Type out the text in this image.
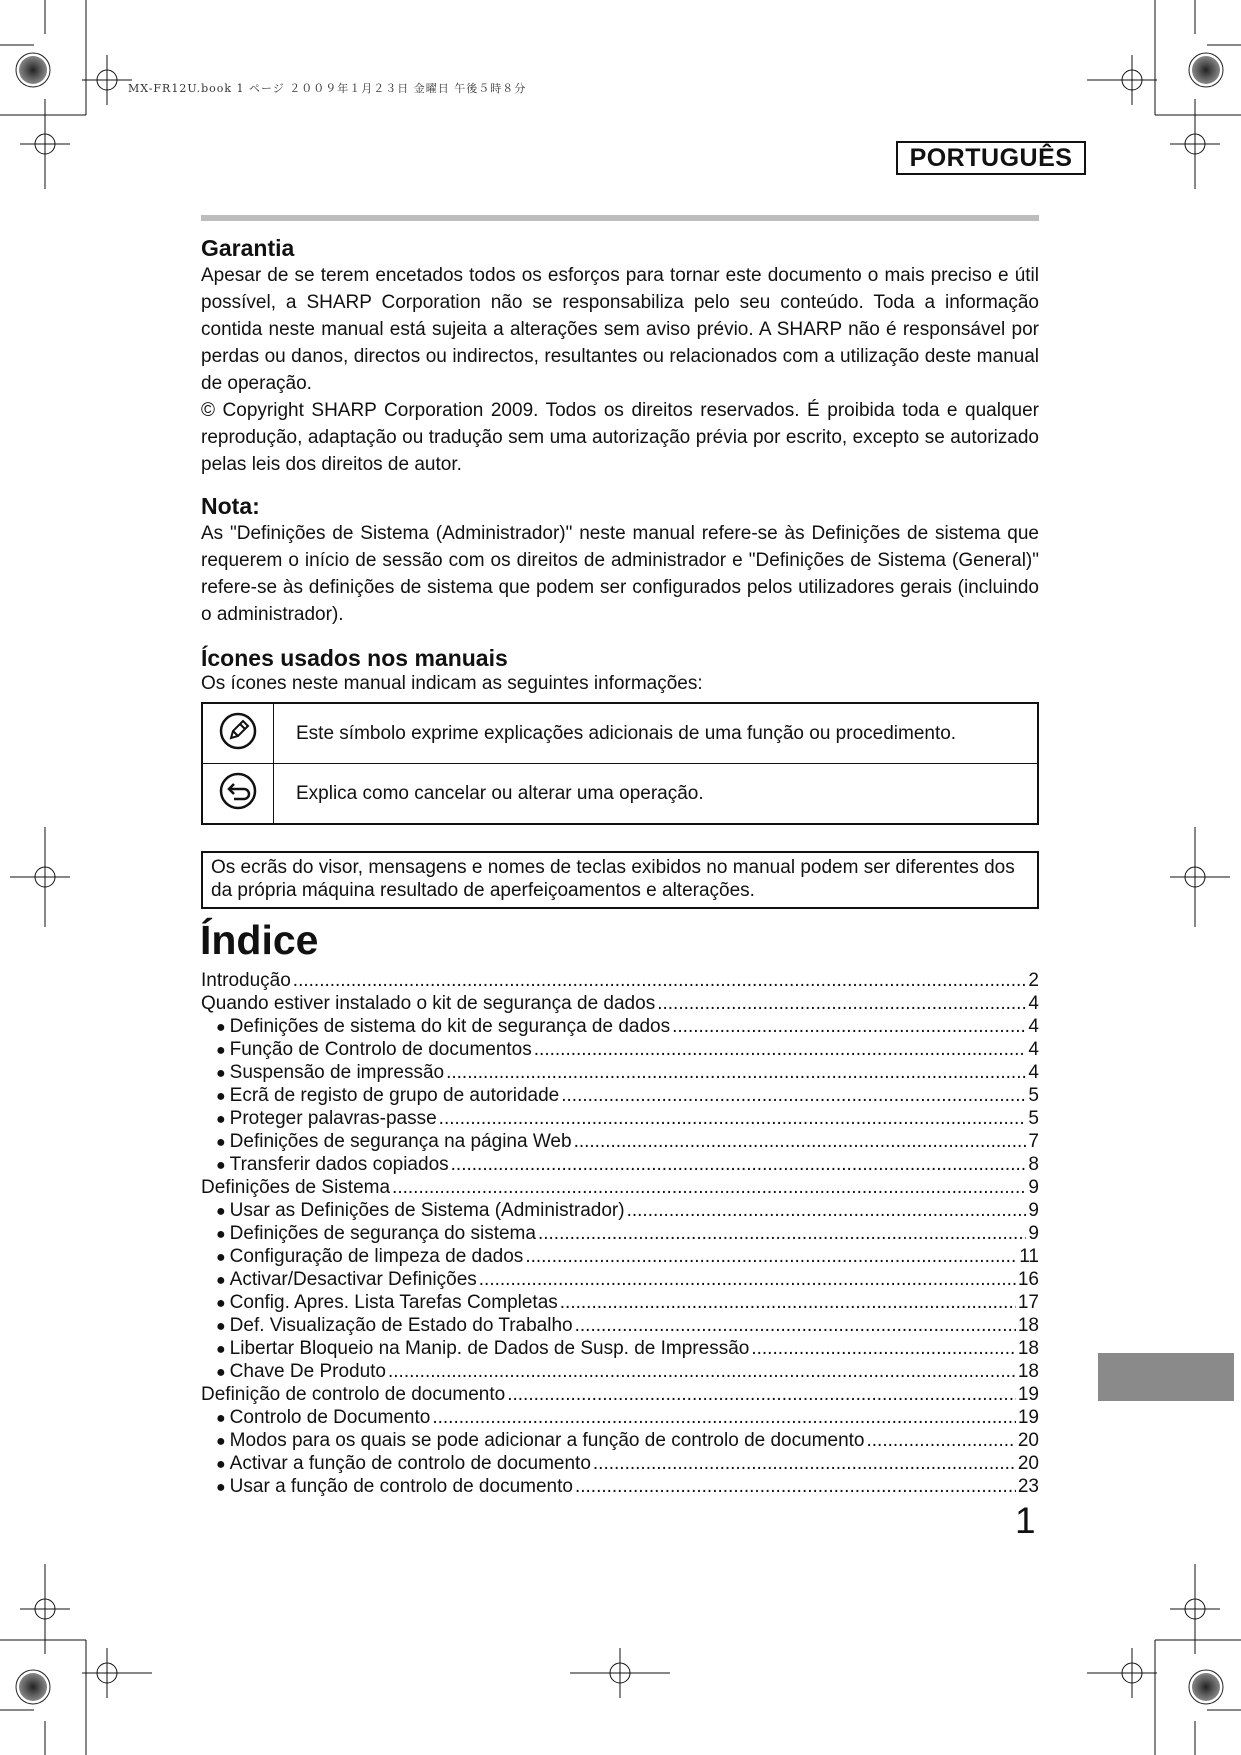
MX-FR12U.book 1 ページ ２００９年１月２３日 金曜日 午後５時８分
PORTUGUÊS
Garantia

Apesar de se terem encetados todos os esforços para tornar este documento o mais preciso e útil possível, a SHARP Corporation não se responsabiliza pelo seu conteúdo. Toda a informação contida neste manual está sujeita a alterações sem aviso prévio. A SHARP não é responsável por perdas ou danos, directos ou indirectos, resultantes ou relacionados com a utilização deste manual de operação.

© Copyright SHARP Corporation 2009. Todos os direitos reservados. É proibida toda e qualquer reprodução, adaptação ou tradução sem uma autorização prévia por escrito, excepto se autorizado pelas leis dos direitos de autor.

Nota:

As "Definições de Sistema (Administrador)" neste manual refere-se às Definições de sistema que requerem o início de sessão com os direitos de administrador e "Definições de Sistema (General)" refere-se às definições de sistema que podem ser configurados pelos utilizadores gerais (incluindo o administrador).

Ícones usados nos manuais

Os ícones neste manual indicam as seguintes informações:

	Este símbolo exprime explicações adicionais de uma função ou procedimento.
	Explica como cancelar ou alterar uma operação.
Os ecrãs do visor, mensagens e nomes de teclas exibidos no manual podem ser diferentes dos da própria máquina resultado de aperfeiçoamentos e alterações.
Índice
Introdução .....	2
Quando estiver instalado o kit de segurança de dados .....	4
● Definições de sistema do kit de segurança de dados .....	4
● Função de Controlo de documentos .....	4
● Suspensão de impressão .....	4
● Ecrã de registo de grupo de autoridade .....	5
● Proteger palavras-passe .....	5
● Definições de segurança na página Web .....	7
● Transferir dados copiados .....	8
Definições de Sistema .....	9
● Usar as Definições de Sistema (Administrador) .....	9
● Definições de segurança do sistema .....	9
● Configuração de limpeza de dados .....	11
● Activar/Desactivar Definições .....	16
● Config. Apres. Lista Tarefas Completas .....	17
● Def. Visualização de Estado do Trabalho .....	18
● Libertar Bloqueio na Manip. de Dados de Susp. de Impressão .....	18
● Chave De Produto .....	18
Definição de controlo de documento .....	19
● Controlo de Documento .....	19
● Modos para os quais se pode adicionar a função de controlo de documento .....	20
● Activar a função de controlo de documento .....	20
● Usar a função de controlo de documento .....	23
1
